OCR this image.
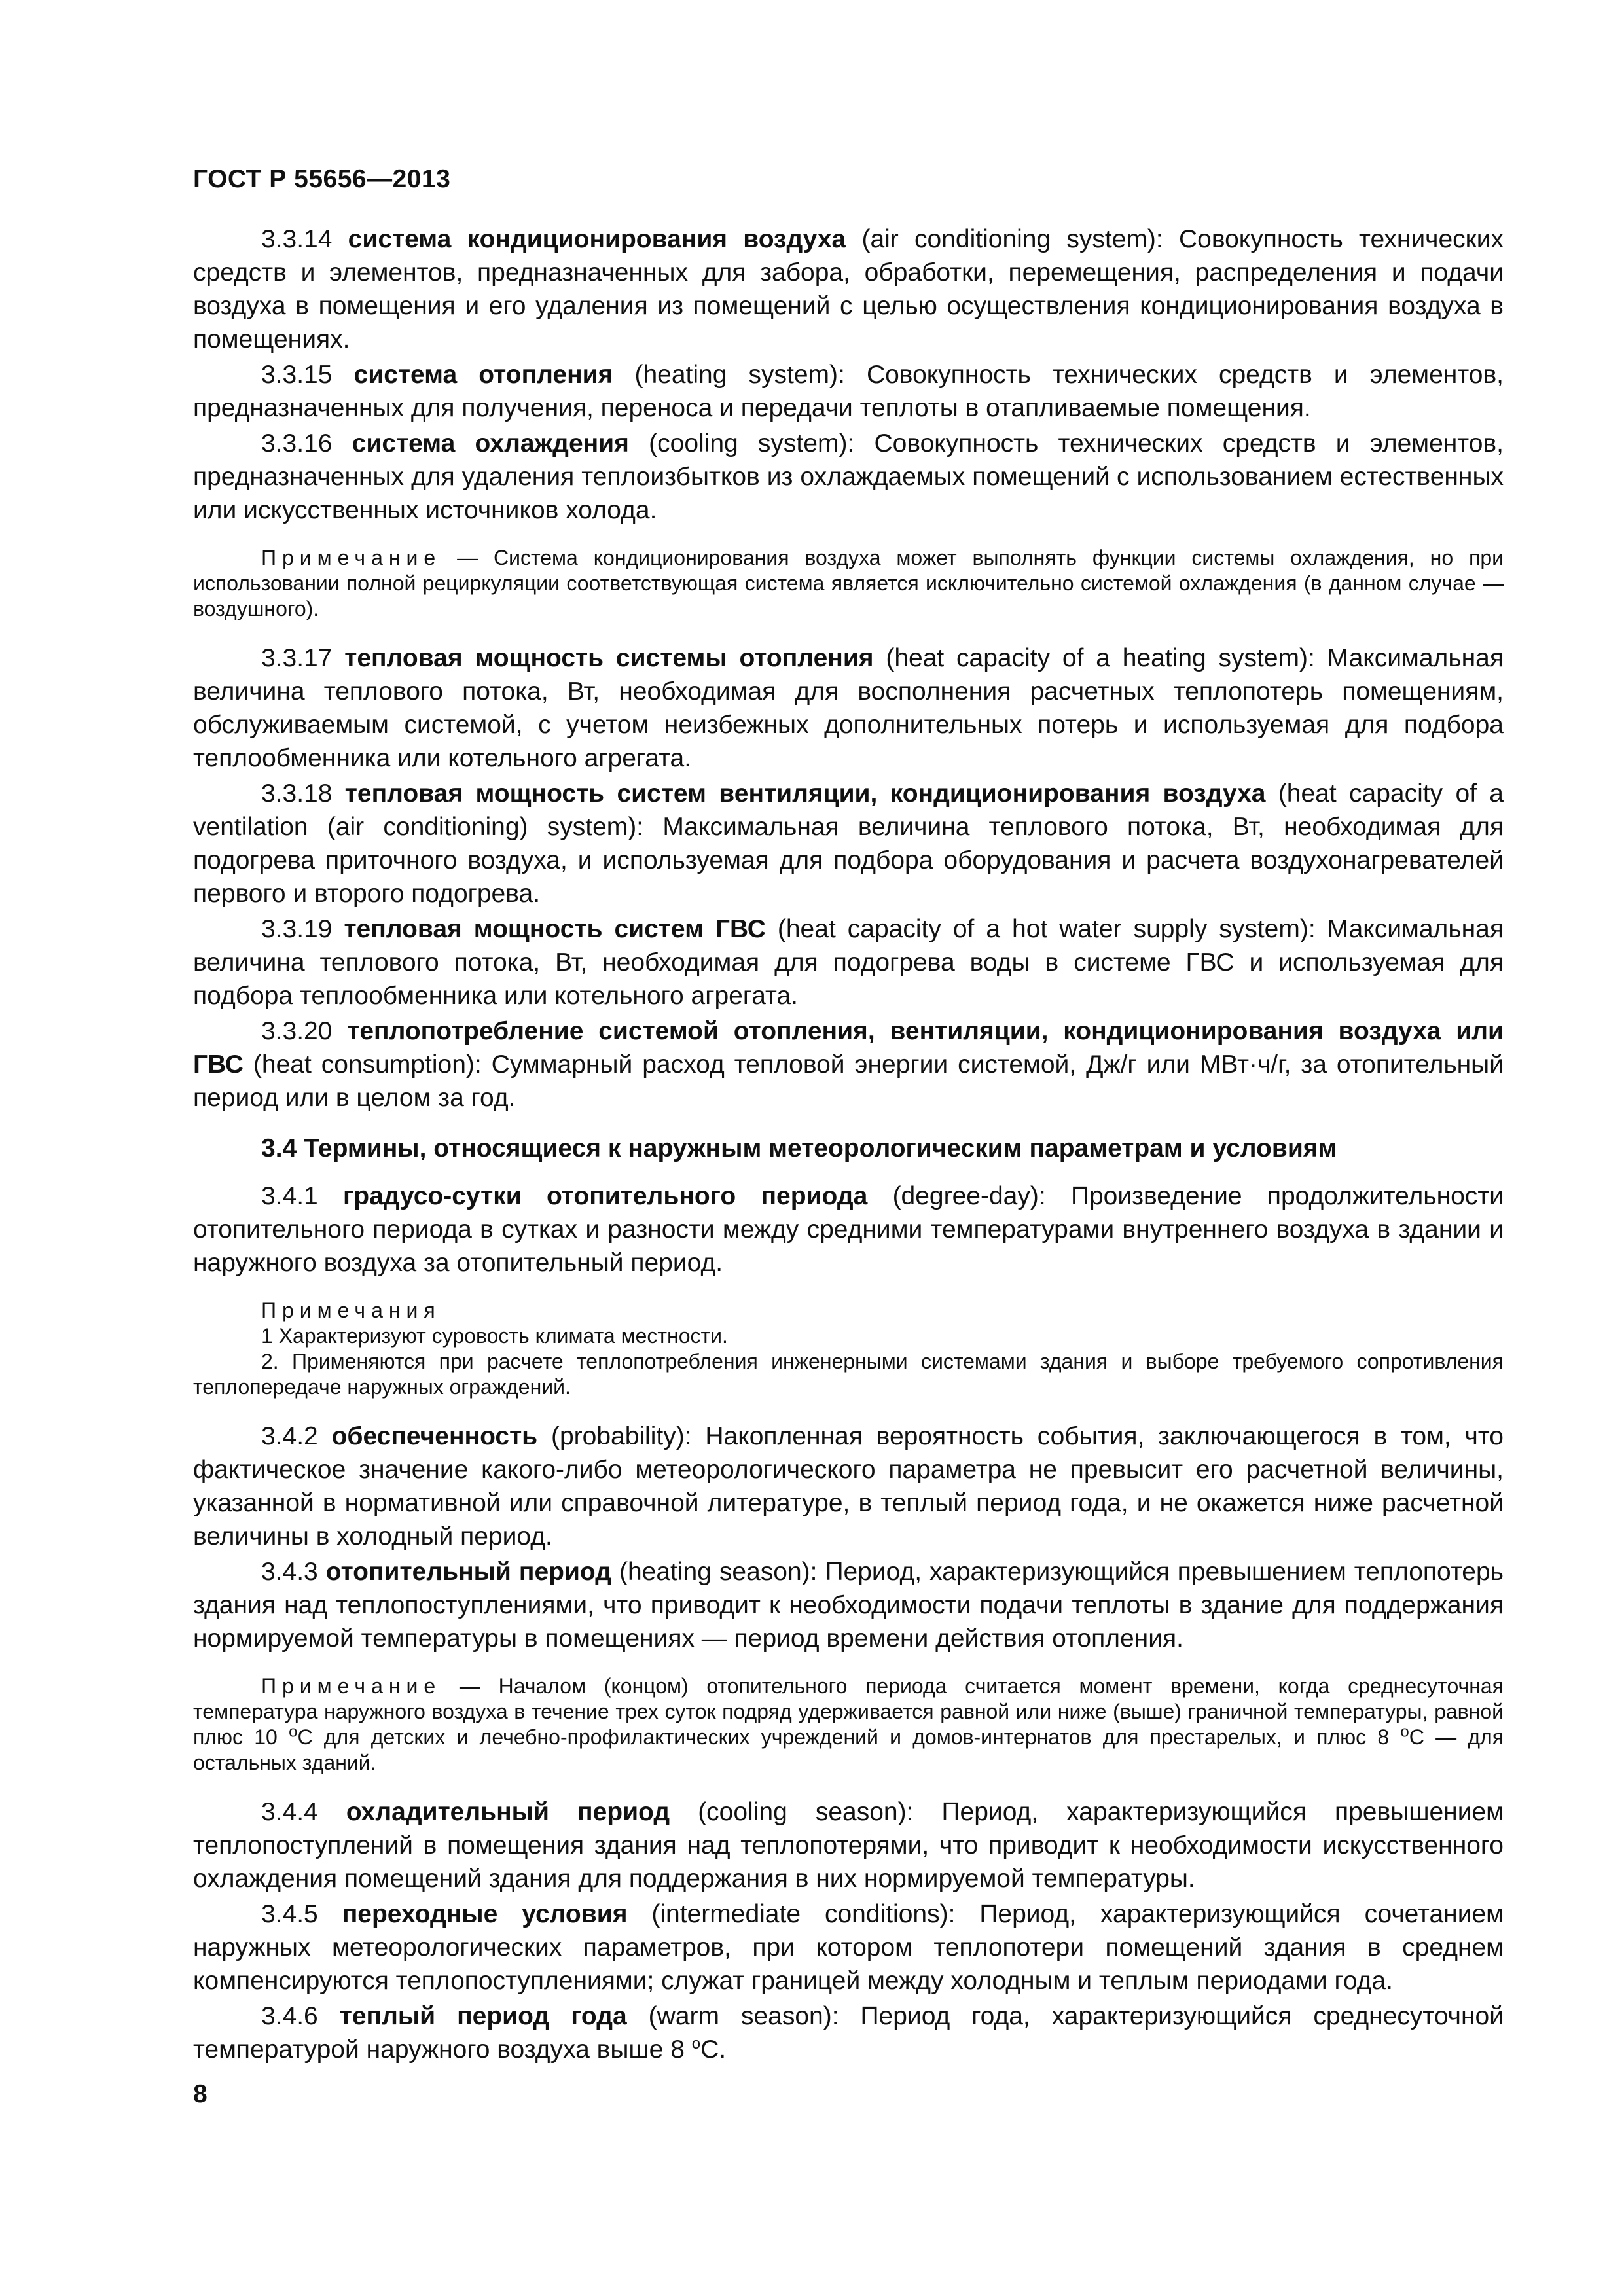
ГОСТ Р 55656—2013

3.3.14 система кондиционирования воздуха (air conditioning system): Совокупность технических средств и элементов, предназначенных для забора, обработки, перемещения, распределения и подачи воздуха в помещения и его удаления из помещений с целью осуществления кондиционирования воздуха в помещениях.

3.3.15 система отопления (heating system): Совокупность технических средств и элементов, предназначенных для получения, переноса и передачи теплоты в отапливаемые помещения.

3.3.16 система охлаждения (cooling system): Совокупность технических средств и элементов, предназначенных для удаления теплоизбытков из охлаждаемых помещений с использованием естественных или искусственных источников холода.

Примечание — Система кондиционирования воздуха может выполнять функции системы охлаждения, но при использовании полной рециркуляции соответствующая система является исключительно системой охлаждения (в данном случае — воздушного).

3.3.17 тепловая мощность системы отопления (heat capacity of a heating system): Максимальная величина теплового потока, Вт, необходимая для восполнения расчетных теплопотерь помещениям, обслуживаемым системой, с учетом неизбежных дополнительных потерь и используемая для подбора теплообменника или котельного агрегата.

3.3.18 тепловая мощность систем вентиляции, кондиционирования воздуха (heat capacity of a ventilation (air conditioning) system): Максимальная величина теплового потока, Вт, необходимая для подогрева приточного воздуха, и используемая для подбора оборудования и расчета воздухонагревателей первого и второго подогрева.

3.3.19 тепловая мощность систем ГВС (heat capacity of a hot water supply system): Максимальная величина теплового потока, Вт, необходимая для подогрева воды в системе ГВС и используемая для подбора теплообменника или котельного агрегата.

3.3.20 теплопотребление системой отопления, вентиляции, кондиционирования воздуха или ГВС (heat consumption): Суммарный расход тепловой энергии системой, Дж/г или МВт·ч/г, за отопительный период или в целом за год.

3.4 Термины, относящиеся к наружным метеорологическим параметрам и условиям

3.4.1 градусо-сутки отопительного периода (degree-day): Произведение продолжительности отопительного периода в сутках и разности между средними температурами внутреннего воздуха в здании и наружного воздуха за отопительный период.

Примечания

1 Характеризуют суровость климата местности.

2. Применяются при расчете теплопотребления инженерными системами здания и выборе требуемого сопротивления теплопередаче наружных ограждений.

3.4.2 обеспеченность (probability): Накопленная вероятность события, заключающегося в том, что фактическое значение какого-либо метеорологического параметра не превысит его расчетной величины, указанной в нормативной или справочной литературе, в теплый период года, и не окажется ниже расчетной величины в холодный период.

3.4.3 отопительный период (heating season): Период, характеризующийся превышением теплопотерь здания над теплопоступлениями, что приводит к необходимости подачи теплоты в здание для поддержания нормируемой температуры в помещениях — период времени действия отопления.

Примечание — Началом (концом) отопительного периода считается момент времени, когда среднесуточная температура наружного воздуха в течение трех суток подряд удерживается равной или ниже (выше) граничной температуры, равной плюс 10 $^о$С для детских и лечебно-профилактических учреждений и домов-интернатов для престарелых, и плюс 8 $^о$С — для остальных зданий.

3.4.4 охладительный период (cooling season): Период, характеризующийся превышением теплопоступлений в помещения здания над теплопотерями, что приводит к необходимости искусственного охлаждения помещений здания для поддержания в них нормируемой температуры.

3.4.5 переходные условия (intermediate conditions): Период, характеризующийся сочетанием наружных метеорологических параметров, при котором теплопотери помещений здания в среднем компенсируются теплопоступлениями; служат границей между холодным и теплым периодами года.

3.4.6 теплый период года (warm season): Период года, характеризующийся среднесуточной температурой наружного воздуха выше 8 $^о$С.

8
